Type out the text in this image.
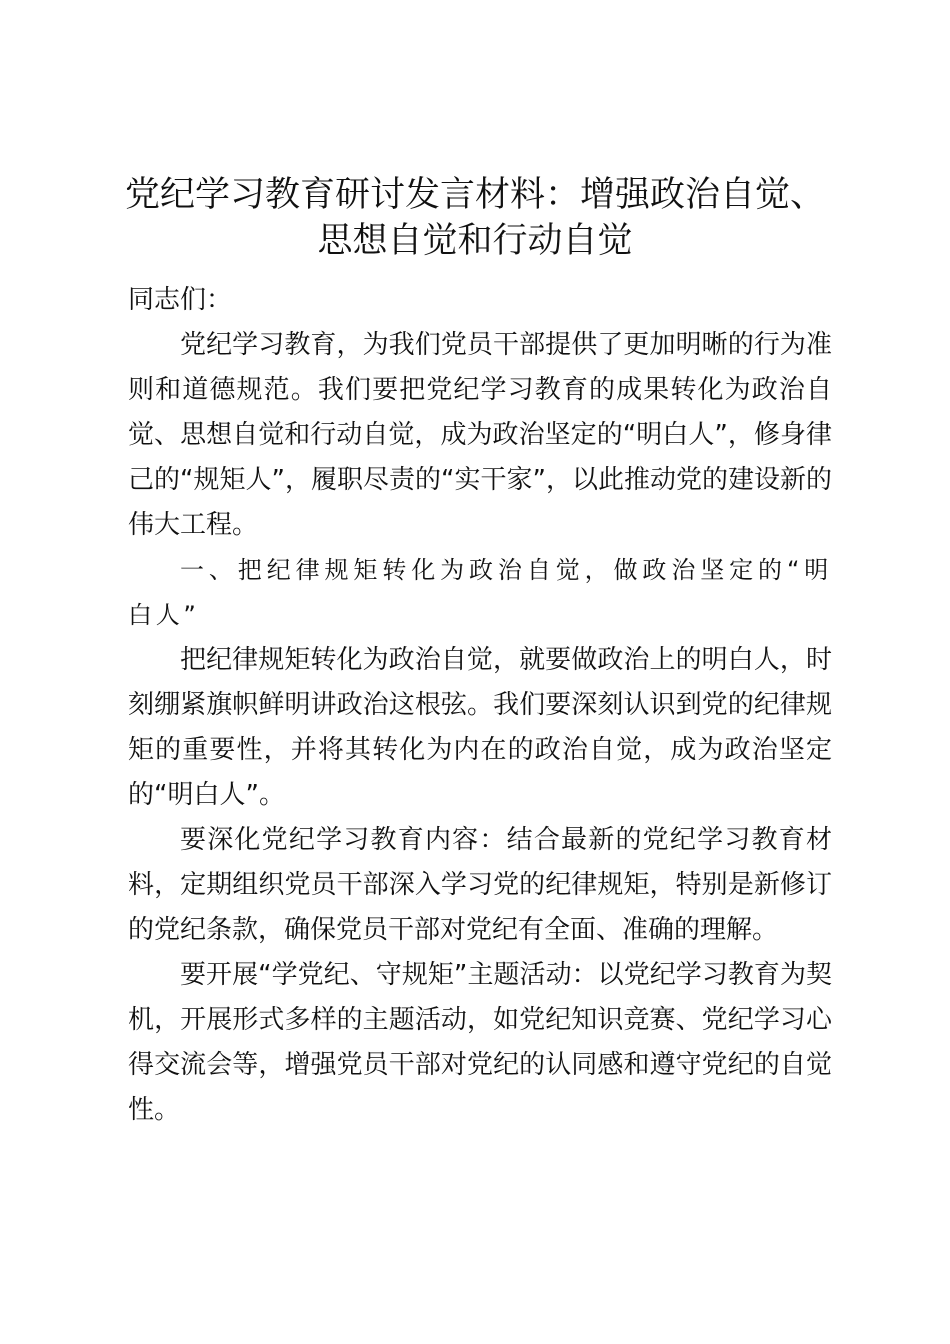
党纪学习教育研讨发言材料：增强政治自觉、
思想自觉和行动自觉

同志们：

党纪学习教育，为我们党员干部提供了更加明晰的行为准则和道德规范。我们要把党纪学习教育的成果转化为政治自觉、思想自觉和行动自觉，成为政治坚定的“明白人”，修身律己的“规矩人”，履职尽责的“实干家”，以此推动党的建设新的伟大工程。

一、把纪律规矩转化为政治自觉，做政治坚定的“明白人”

把纪律规矩转化为政治自觉，就要做政治上的明白人，时刻绷紧旗帜鲜明讲政治这根弦。我们要深刻认识到党的纪律规矩的重要性，并将其转化为内在的政治自觉，成为政治坚定的“明白人”。

要深化党纪学习教育内容：结合最新的党纪学习教育材料，定期组织党员干部深入学习党的纪律规矩，特别是新修订的党纪条款，确保党员干部对党纪有全面、准确的理解。

要开展“学党纪、守规矩”主题活动：以党纪学习教育为契机，开展形式多样的主题活动，如党纪知识竞赛、党纪学习心得交流会等，增强党员干部对党纪的认同感和遵守党纪的自觉性。
